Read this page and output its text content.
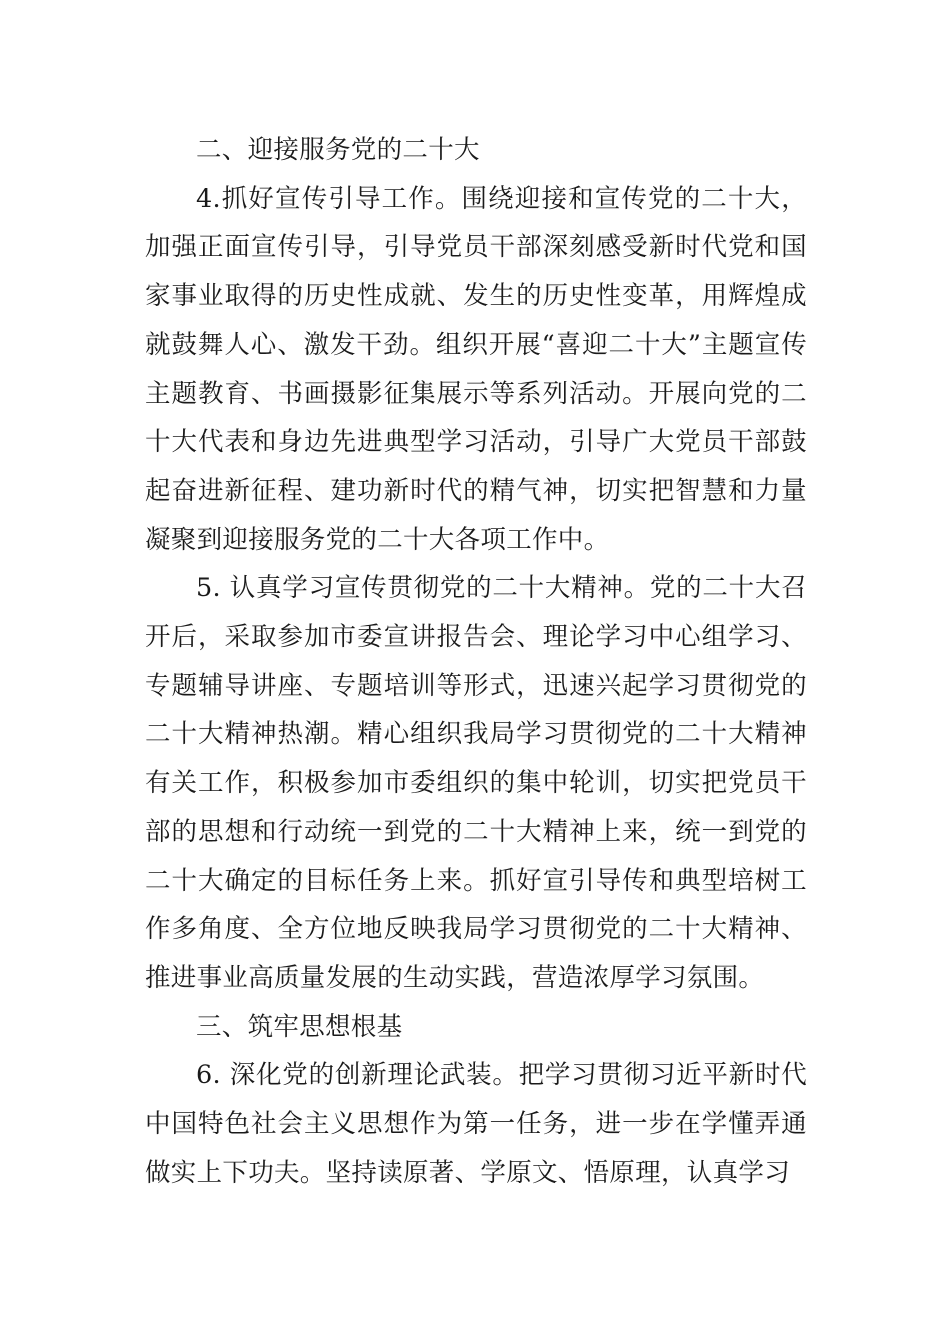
二、迎接服务党的二十大

4.抓好宣传引导工作。围绕迎接和宣传党的二十大，加强正面宣传引导，引导党员干部深刻感受新时代党和国家事业取得的历史性成就、发生的历史性变革，用辉煌成就鼓舞人心、激发干劲。组织开展“喜迎二十大”主题宣传主题教育、书画摄影征集展示等系列活动。开展向党的二十大代表和身边先进典型学习活动，引导广大党员干部鼓起奋进新征程、建功新时代的精气神，切实把智慧和力量凝聚到迎接服务党的二十大各项工作中。

5. 认真学习宣传贯彻党的二十大精神。党的二十大召开后，采取参加市委宣讲报告会、理论学习中心组学习、专题辅导讲座、专题培训等形式，迅速兴起学习贯彻党的二十大精神热潮。精心组织我局学习贯彻党的二十大精神有关工作，积极参加市委组织的集中轮训，切实把党员干部的思想和行动统一到党的二十大精神上来，统一到党的二十大确定的目标任务上来。抓好宣引导传和典型培树工作多角度、全方位地反映我局学习贯彻党的二十大精神、推进事业高质量发展的生动实践，营造浓厚学习氛围。

三、筑牢思想根基

6. 深化党的创新理论武装。把学习贯彻习近平新时代中国特色社会主义思想作为第一任务，进一步在学懂弄通做实上下功夫。坚持读原著、学原文、悟原理，认真学习
